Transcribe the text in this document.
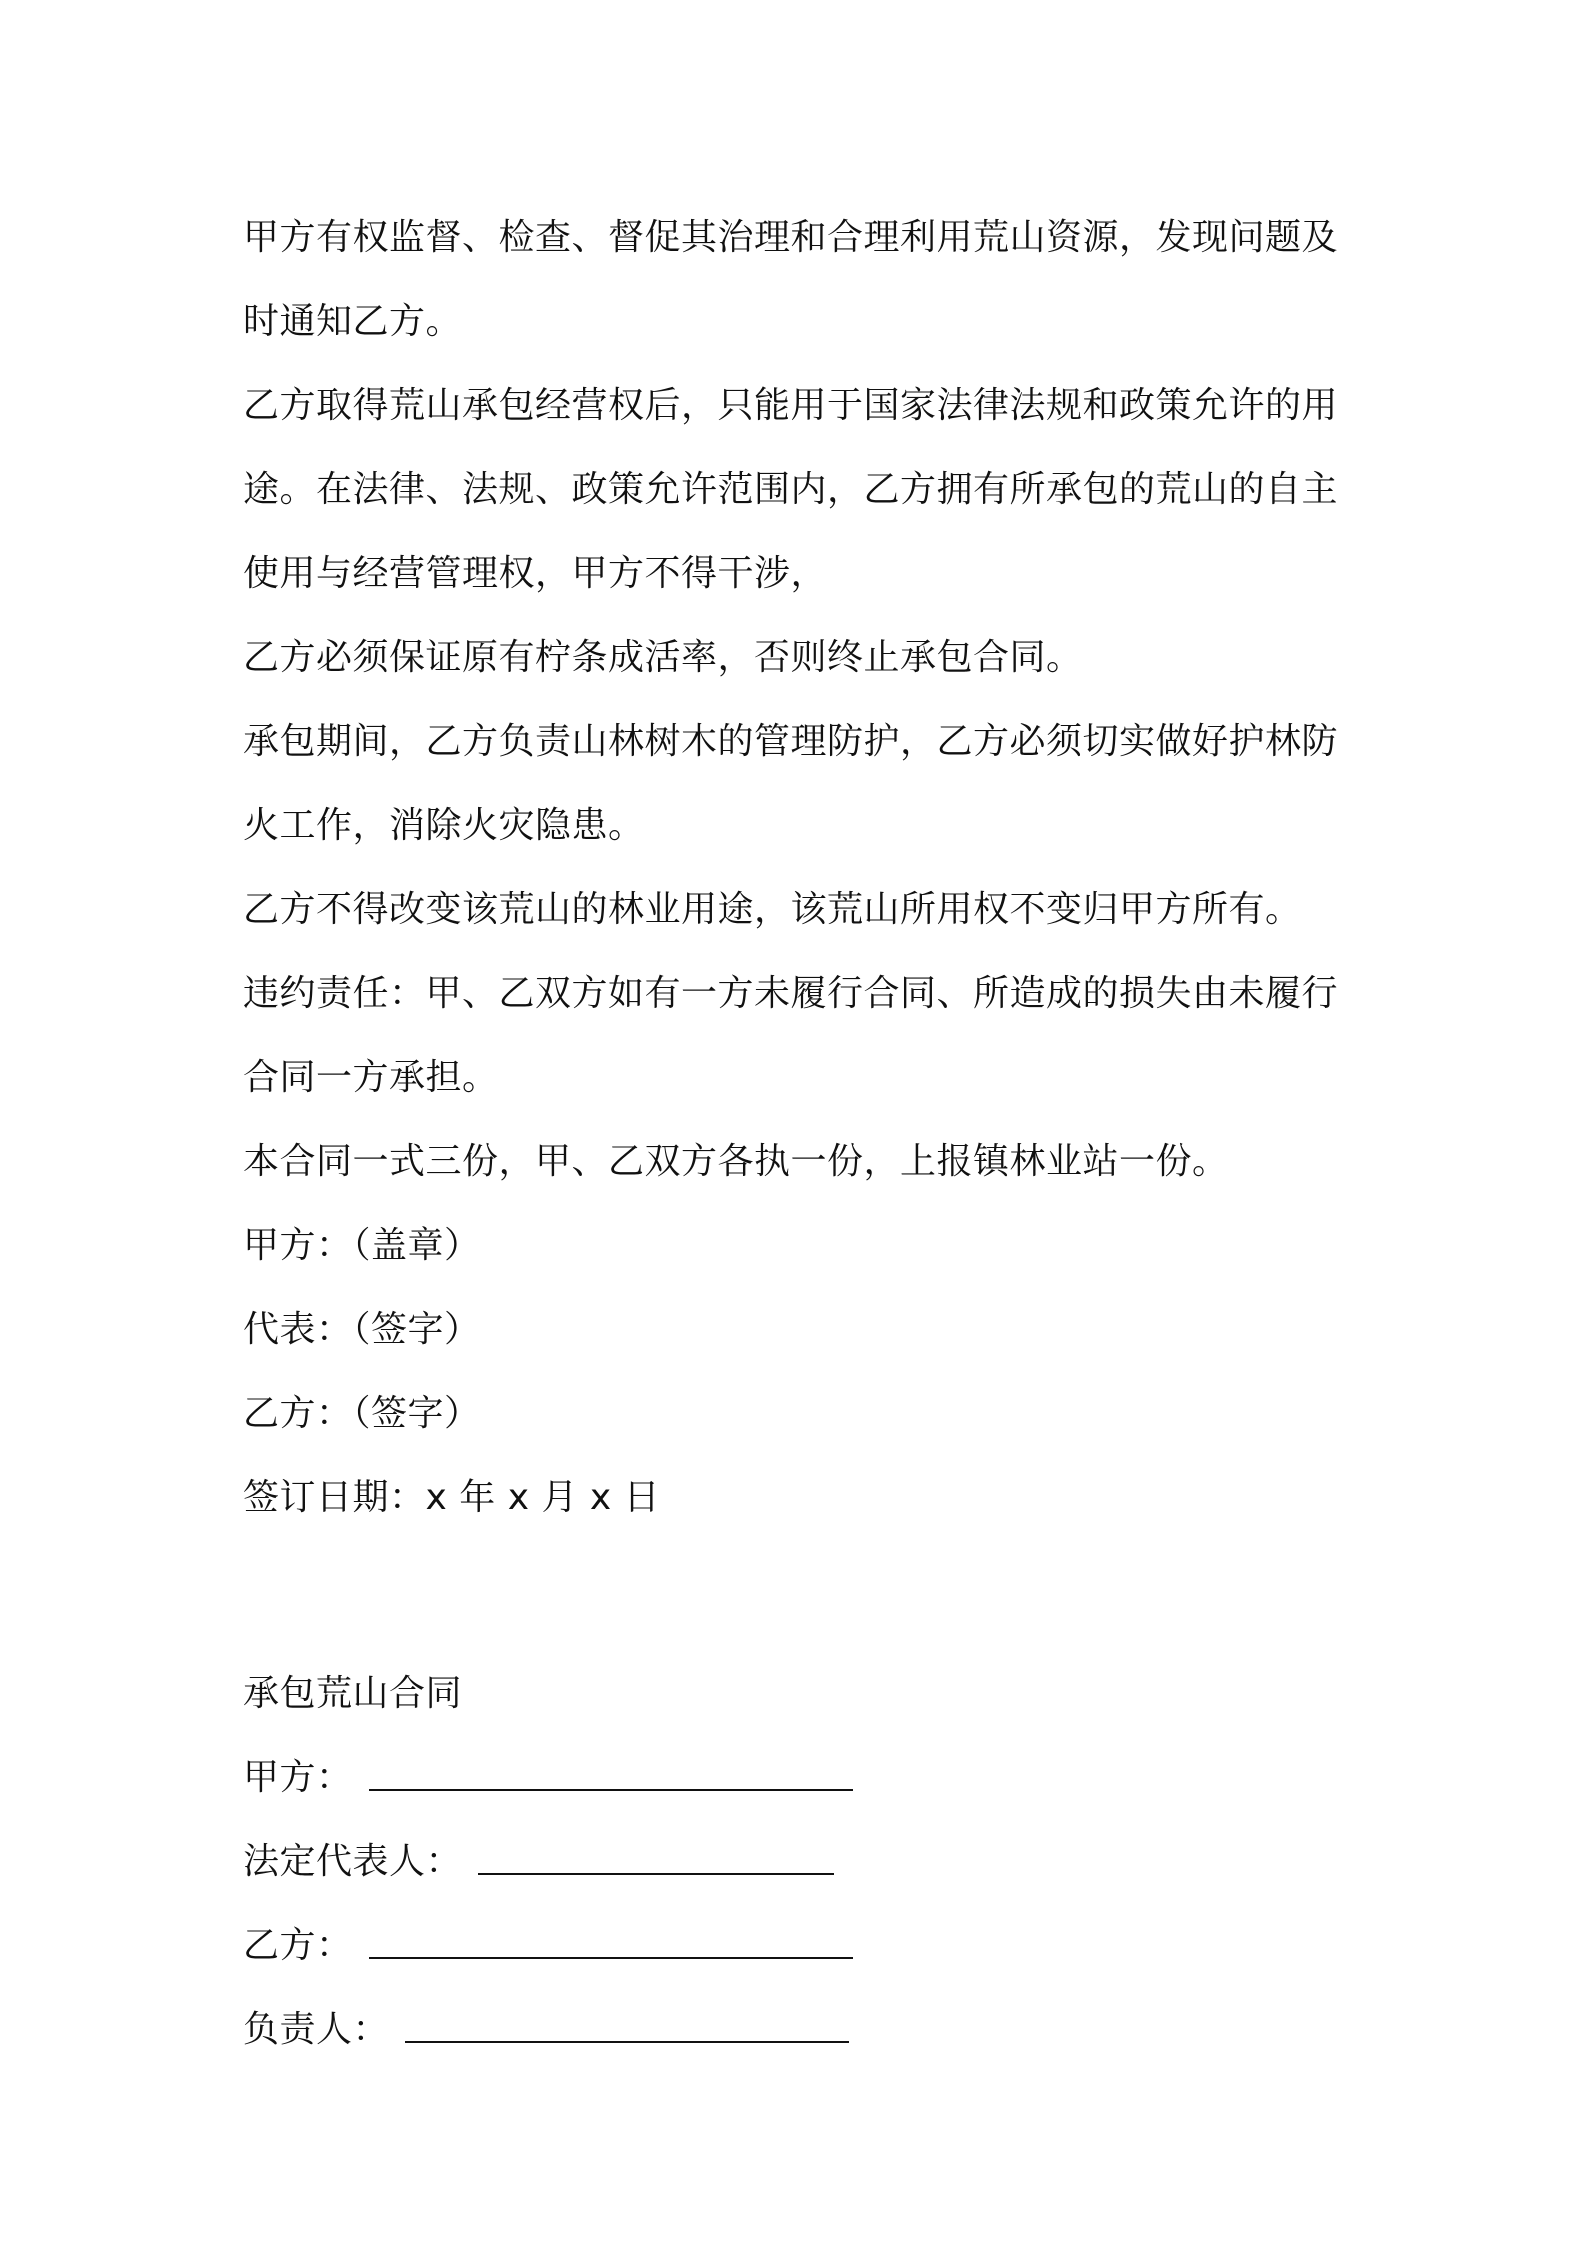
甲方有权监督、检查、督促其治理和合理利用荒山资源，发现问题及时通知乙方。

乙方取得荒山承包经营权后，只能用于国家法律法规和政策允许的用途。在法律、法规、政策允许范围内，乙方拥有所承包的荒山的自主使用与经营管理权，甲方不得干涉，

乙方必须保证原有柠条成活率，否则终止承包合同。

承包期间，乙方负责山林树木的管理防护，乙方必须切实做好护林防火工作，消除火灾隐患。

乙方不得改变该荒山的林业用途，该荒山所用权不变归甲方所有。

违约责任：甲、乙双方如有一方未履行合同、所造成的损失由未履行合同一方承担。

本合同一式三份，甲、乙双方各执一份，上报镇林业站一份。

甲方：（盖章）

代表：（签字）

乙方：（签字）

签订日期：x 年 x 月 x 日

承包荒山合同

甲方：

法定代表人：

乙方：

负责人：
